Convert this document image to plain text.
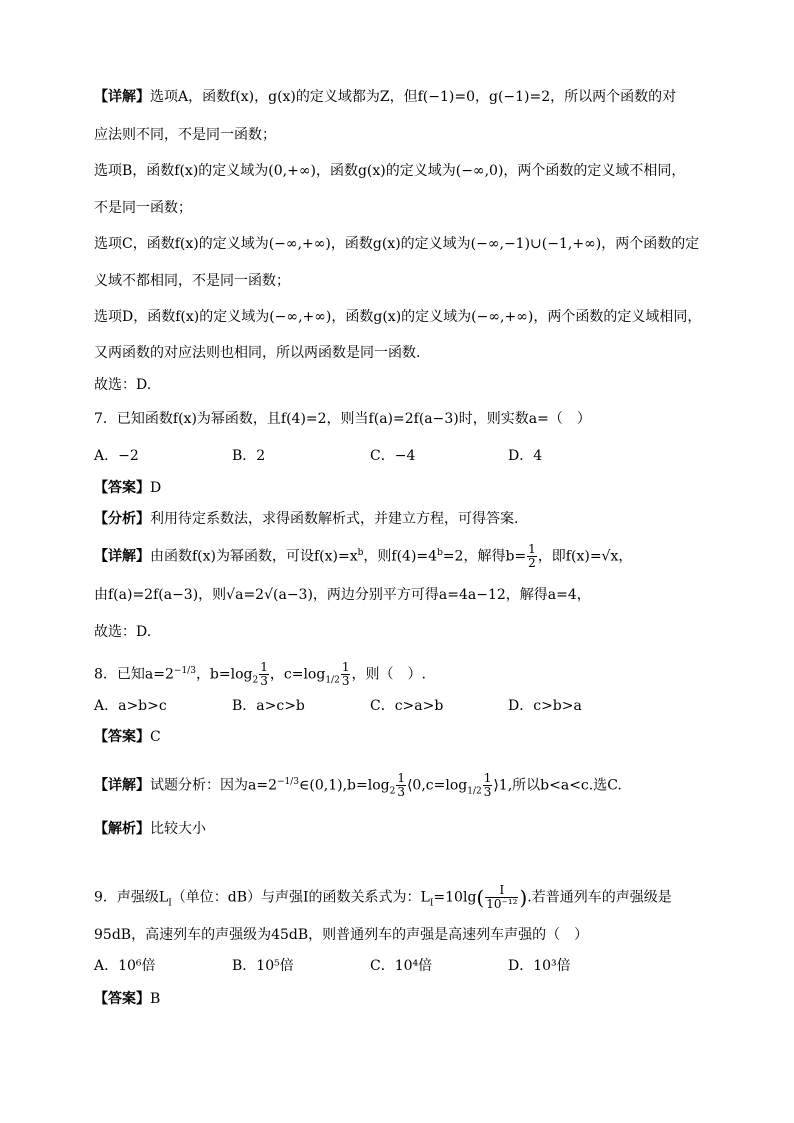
【详解】选项A，函数f(x)，g(x)的定义域都为Z，但f(−1)=0，g(−1)=2，所以两个函数的对
应法则不同，不是同一函数；
选项B，函数f(x)的定义域为(0,+∞)，函数g(x)的定义域为(−∞,0)，两个函数的定义域不相同，
不是同一函数；
选项C，函数f(x)的定义域为(−∞,+∞)，函数g(x)的定义域为(−∞,−1)∪(−1,+∞)，两个函数的定
义域不都相同，不是同一函数；
选项D，函数f(x)的定义域为(−∞,+∞)，函数g(x)的定义域为(−∞,+∞)，两个函数的定义域相同，
又两函数的对应法则也相同，所以两函数是同一函数.
故选：D.
7．已知函数f(x)为幂函数，且f(4)=2，则当f(a)=2f(a−3)时，则实数a=（　）
A．−2	B．2	C．−4	D．4
【答案】D
【分析】利用待定系数法，求得函数解析式，并建立方程，可得答案.
【详解】由函数f(x)为幂函数，可设$f(x)=x^b$，则$f(4)=4^b=2$，解得$b= \frac{1}{2}$ ，即f(x)=√x，
由f(a)=2f(a−3)，则√a=2√(a−3)，两边分别平方可得a=4a−12，解得a=4，
故选：D.
8．已知$a=2^{-1/3}$，$b=\log_2 \frac{1}{3}$ ，$c=\log_{1/2} \frac{1}{3}$ ，则（　）.
A．a>b>c	B．a>c>b	C．c>a>b	D．c>b>a
【答案】C
【详解】试题分析：因为$a=2^{-1/3}\in(0,1),b=\log_2 \frac{1}{3}$ $⟨0,c=\log_{1/2} \frac{1}{3}$ ⟩1,所以b<a<c.选C.
【解析】比较大小
9．声强级$L_I$（单位：dB）与声强I的函数关系式为：$L_I=10\lg( \frac{I}{\text{10⁻¹²}}$ ).若普通列车的声强级是
95dB，高速列车的声强级为45dB，则普通列车的声强是高速列车声强的（　）
A．10⁶倍	B．10⁵倍	C．10⁴倍	D．10³倍
【答案】B
